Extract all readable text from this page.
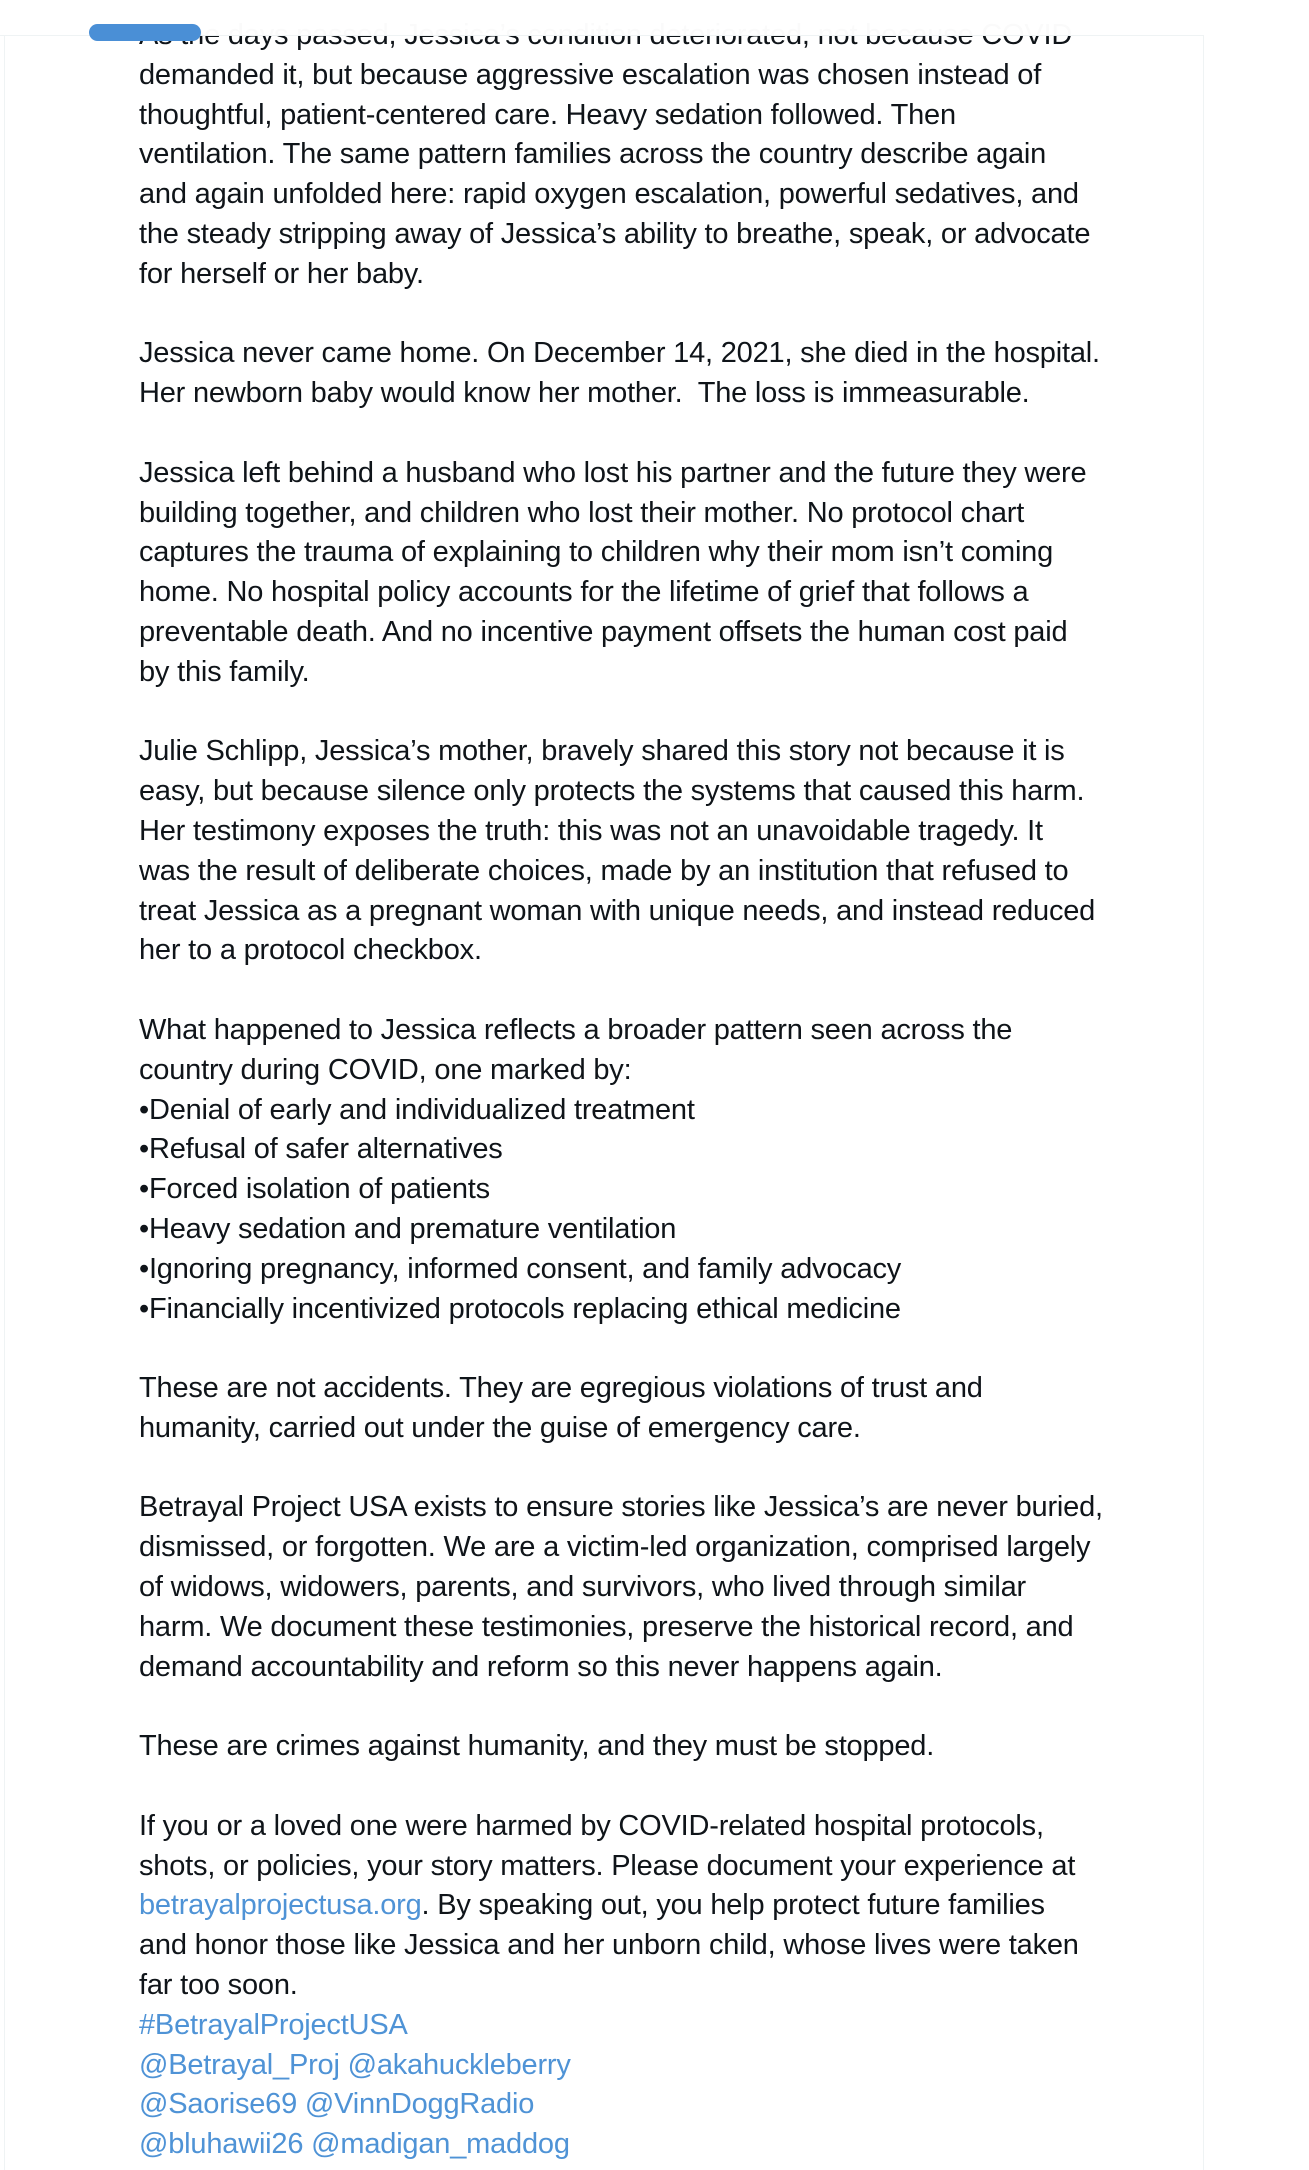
demanded it, but because aggressive escalation was chosen instead of
thoughtful, patient-centered care. Heavy sedation followed. Then
ventilation. The same pattern families across the country describe again
and again unfolded here: rapid oxygen escalation, powerful sedatives, and
the steady stripping away of Jessica’s ability to breathe, speak, or advocate
for herself or her baby.
Jessica never came home. On December 14, 2021, she died in the hospital.
Her newborn baby would know her mother.  The loss is immeasurable.
Jessica left behind a husband who lost his partner and the future they were
building together, and children who lost their mother. No protocol chart
captures the trauma of explaining to children why their mom isn’t coming
home. No hospital policy accounts for the lifetime of grief that follows a
preventable death. And no incentive payment offsets the human cost paid
by this family.
Julie Schlipp, Jessica’s mother, bravely shared this story not because it is
easy, but because silence only protects the systems that caused this harm.
Her testimony exposes the truth: this was not an unavoidable tragedy. It
was the result of deliberate choices, made by an institution that refused to
treat Jessica as a pregnant woman with unique needs, and instead reduced
her to a protocol checkbox.
What happened to Jessica reflects a broader pattern seen across the
country during COVID, one marked by:
•Denial of early and individualized treatment
•Refusal of safer alternatives
•Forced isolation of patients
•Heavy sedation and premature ventilation
•Ignoring pregnancy, informed consent, and family advocacy
•Financially incentivized protocols replacing ethical medicine
These are not accidents. They are egregious violations of trust and
humanity, carried out under the guise of emergency care.
Betrayal Project USA exists to ensure stories like Jessica’s are never buried,
dismissed, or forgotten. We are a victim-led organization, comprised largely
of widows, widowers, parents, and survivors, who lived through similar
harm. We document these testimonies, preserve the historical record, and
demand accountability and reform so this never happens again.
These are crimes against humanity, and they must be stopped.
If you or a loved one were harmed by COVID-related hospital protocols,
shots, or policies, your story matters. Please document your experience at
betrayalprojectusa.org. By speaking out, you help protect future families
and honor those like Jessica and her unborn child, whose lives were taken
far too soon.
#BetrayalProjectUSA
@Betrayal_Proj @akahuckleberry
@Saorise69 @VinnDoggRadio
@bluhawii26 @madigan_maddog
